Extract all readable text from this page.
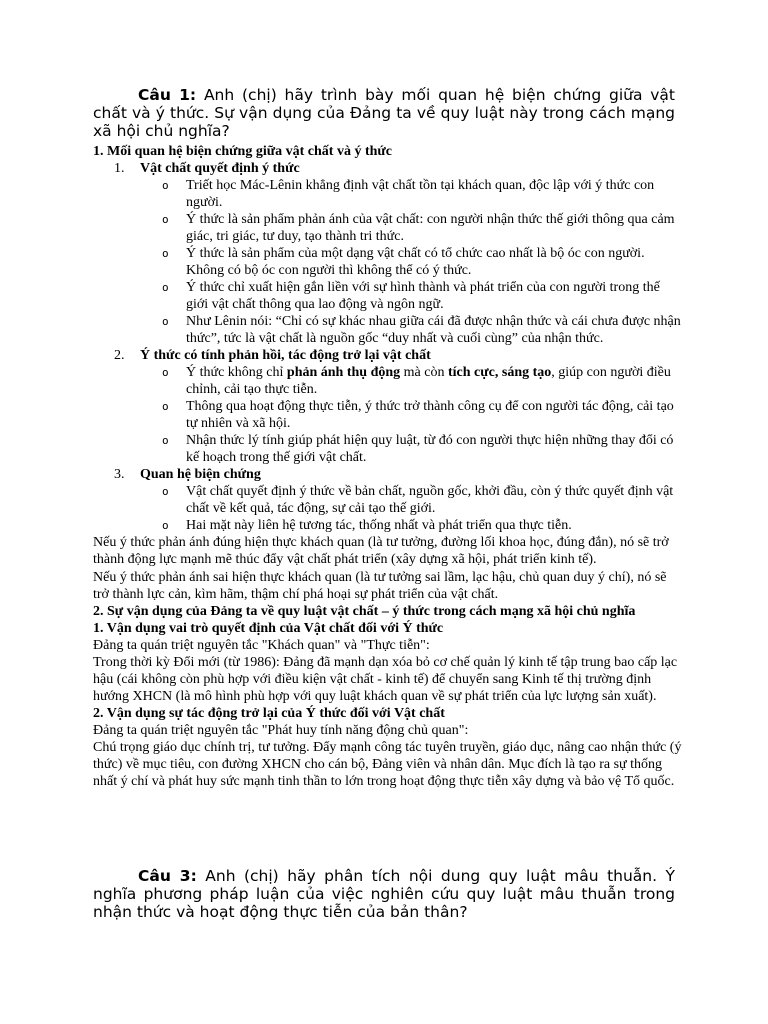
Câu 1: Anh (chị) hãy trình bày mối quan hệ biện chứng giữa vật chất và ý thức. Sự vận dụng của Đảng ta về quy luật này trong cách mạng xã hội chủ nghĩa?

1. Mối quan hệ biện chứng giữa vật chất và ý thức

1. Vật chất quyết định ý thức

o Triết học Mác-Lênin khẳng định vật chất tồn tại khách quan, độc lập với ý thức con người.

o Ý thức là sản phẩm phản ánh của vật chất: con người nhận thức thế giới thông qua cảm giác, tri giác, tư duy, tạo thành tri thức.

o Ý thức là sản phẩm của một dạng vật chất có tổ chức cao nhất là bộ óc con người. Không có bộ óc con người thì không thể có ý thức.

o Ý thức chỉ xuất hiện gắn liền với sự hình thành và phát triển của con người trong thế giới vật chất thông qua lao động và ngôn ngữ.

o Như Lênin nói: “Chỉ có sự khác nhau giữa cái đã được nhận thức và cái chưa được nhận thức”, tức là vật chất là nguồn gốc “duy nhất và cuối cùng” của nhận thức.

2. Ý thức có tính phản hồi, tác động trở lại vật chất

o Ý thức không chỉ phản ánh thụ động mà còn tích cực, sáng tạo, giúp con người điều chỉnh, cải tạo thực tiễn.

o Thông qua hoạt động thực tiễn, ý thức trở thành công cụ để con người tác động, cải tạo tự nhiên và xã hội.

o Nhận thức lý tính giúp phát hiện quy luật, từ đó con người thực hiện những thay đổi có kế hoạch trong thế giới vật chất.

3. Quan hệ biện chứng

o Vật chất quyết định ý thức về bản chất, nguồn gốc, khởi đầu, còn ý thức quyết định vật chất về kết quả, tác động, sự cải tạo thế giới.

o Hai mặt này liên hệ tương tác, thống nhất và phát triển qua thực tiễn.

Nếu ý thức phản ánh đúng hiện thực khách quan (là tư tưởng, đường lối khoa học, đúng đắn), nó sẽ trở thành động lực mạnh mẽ thúc đẩy vật chất phát triển (xây dựng xã hội, phát triển kinh tế).

Nếu ý thức phản ánh sai hiện thực khách quan (là tư tưởng sai lầm, lạc hậu, chủ quan duy ý chí), nó sẽ trở thành lực cản, kìm hãm, thậm chí phá hoại sự phát triển của vật chất.

2. Sự vận dụng của Đảng ta về quy luật vật chất – ý thức trong cách mạng xã hội chủ nghĩa

1. Vận dụng vai trò quyết định của Vật chất đối với Ý thức

Đảng ta quán triệt nguyên tắc "Khách quan" và "Thực tiễn":

Trong thời kỳ Đổi mới (từ 1986): Đảng đã mạnh dạn xóa bỏ cơ chế quản lý kinh tế tập trung bao cấp lạc hậu (cái không còn phù hợp với điều kiện vật chất - kinh tế) để chuyển sang Kinh tế thị trường định hướng XHCN (là mô hình phù hợp với quy luật khách quan về sự phát triển của lực lượng sản xuất).

2. Vận dụng sự tác động trở lại của Ý thức đối với Vật chất

Đảng ta quán triệt nguyên tắc "Phát huy tính năng động chủ quan":

Chú trọng giáo dục chính trị, tư tưởng. Đẩy mạnh công tác tuyên truyền, giáo dục, nâng cao nhận thức (ý thức) về mục tiêu, con đường XHCN cho cán bộ, Đảng viên và nhân dân. Mục đích là tạo ra sự thống nhất ý chí và phát huy sức mạnh tinh thần to lớn trong hoạt động thực tiễn xây dựng và bảo vệ Tổ quốc.

Câu 3: Anh (chị) hãy phân tích nội dung quy luật mâu thuẫn. Ý nghĩa phương pháp luận của việc nghiên cứu quy luật mâu thuẫn trong nhận thức và hoạt động thực tiễn của bản thân?
